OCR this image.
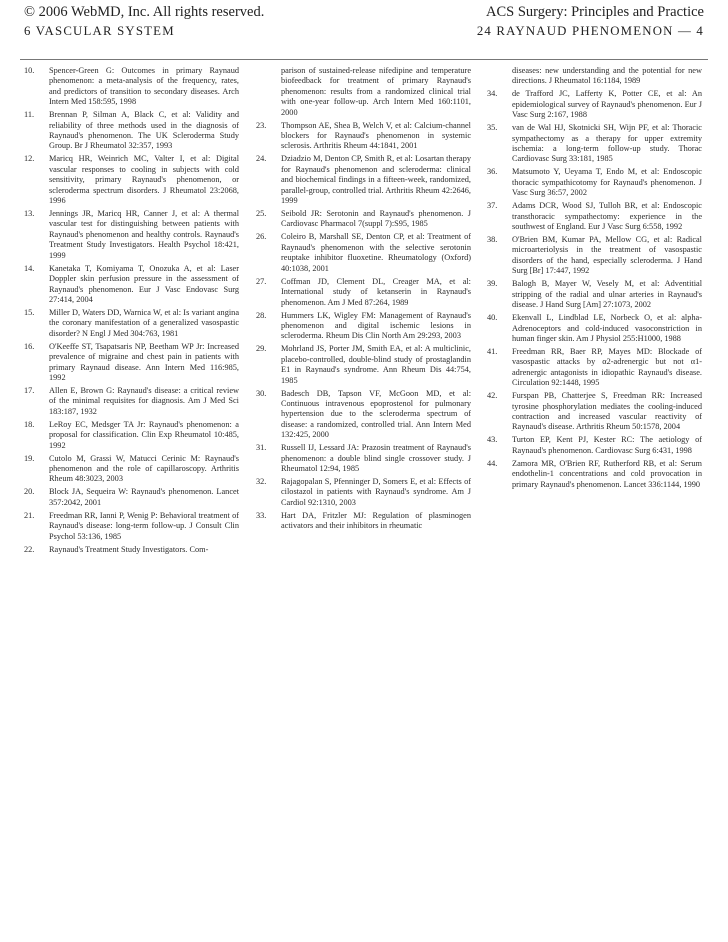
© 2006 WebMD, Inc. All rights reserved.	ACS Surgery: Principles and Practice
6 VASCULAR SYSTEM	24 RAYNAUD PHENOMENON — 4
10.	Spencer-Green G: Outcomes in primary Raynaud phenomenon: a meta-analysis of the frequency, rates, and predictors of transition to secondary diseases. Arch Intern Med 158:595, 1998
11.	Brennan P, Silman A, Black C, et al: Validity and reliability of three methods used in the diagnosis of Raynaud's phenomenon. The UK Scleroderma Study Group. Br J Rheumatol 32:357, 1993
12.	Maricq HR, Weinrich MC, Valter I, et al: Digital vascular responses to cooling in subjects with cold sensitivity, primary Raynaud's phenomenon, or scleroderma spectrum disorders. J Rheumatol 23:2068, 1996
13.	Jennings JR, Maricq HR, Canner J, et al: A thermal vascular test for distinguishing between patients with Raynaud's phenomenon and healthy controls. Raynaud's Treatment Study Investigators. Health Psychol 18:421, 1999
14.	Kanetaka T, Komiyama T, Onozuka A, et al: Laser Doppler skin perfusion pressure in the assessment of Raynaud's phenomenon. Eur J Vasc Endovasc Surg 27:414, 2004
15.	Miller D, Waters DD, Warnica W, et al: Is variant angina the coronary manifestation of a generalized vasospastic disorder? N Engl J Med 304:763, 1981
16.	O'Keeffe ST, Tsapatsaris NP, Beetham WP Jr: Increased prevalence of migraine and chest pain in patients with primary Raynaud disease. Ann Intern Med 116:985, 1992
17.	Allen E, Brown G: Raynaud's disease: a critical review of the minimal requisites for diagnosis. Am J Med Sci 183:187, 1932
18.	LeRoy EC, Medsger TA Jr: Raynaud's phenomenon: a proposal for classification. Clin Exp Rheumatol 10:485, 1992
19.	Cutolo M, Grassi W, Matucci Cerinic M: Raynaud's phenomenon and the role of capillaroscopy. Arthritis Rheum 48:3023, 2003
20.	Block JA, Sequeira W: Raynaud's phenomenon. Lancet 357:2042, 2001
21.	Freedman RR, Ianni P, Wenig P: Behavioral treatment of Raynaud's disease: long-term follow-up. J Consult Clin Psychol 53:136, 1985
22.	Raynaud's Treatment Study Investigators. Com-
parison of sustained-release nifedipine and temperature biofeedback for treatment of primary Raynaud's phenomenon: results from a randomized clinical trial with one-year follow-up. Arch Intern Med 160:1101, 2000
23.	Thompson AE, Shea B, Welch V, et al: Calcium-channel blockers for Raynaud's phenomenon in systemic sclerosis. Arthritis Rheum 44:1841, 2001
24.	Dziadzio M, Denton CP, Smith R, et al: Losartan therapy for Raynaud's phenomenon and scleroderma: clinical and biochemical findings in a fifteen-week, randomized, parallel-group, controlled trial. Arthritis Rheum 42:2646, 1999
25.	Seibold JR: Serotonin and Raynaud's phenomenon. J Cardiovasc Pharmacol 7(suppl 7):S95, 1985
26.	Coleiro B, Marshall SE, Denton CP, et al: Treatment of Raynaud's phenomenon with the selective serotonin reuptake inhibitor fluoxetine. Rheumatology (Oxford) 40:1038, 2001
27.	Coffman JD, Clement DL, Creager MA, et al: International study of ketanserin in Raynaud's phenomenon. Am J Med 87:264, 1989
28.	Hummers LK, Wigley FM: Management of Raynaud's phenomenon and digital ischemic lesions in scleroderma. Rheum Dis Clin North Am 29:293, 2003
29.	Mohrland JS, Porter JM, Smith EA, et al: A multiclinic, placebo-controlled, double-blind study of prostaglandin E1 in Raynaud's syndrome. Ann Rheum Dis 44:754, 1985
30.	Badesch DB, Tapson VF, McGoon MD, et al: Continuous intravenous epoprostenol for pulmonary hypertension due to the scleroderma spectrum of disease: a randomized, controlled trial. Ann Intern Med 132:425, 2000
31.	Russell IJ, Lessard JA: Prazosin treatment of Raynaud's phenomenon: a double blind single crossover study. J Rheumatol 12:94, 1985
32.	Rajagopalan S, Pfenninger D, Somers E, et al: Effects of cilostazol in patients with Raynaud's syndrome. Am J Cardiol 92:1310, 2003
33.	Hart DA, Fritzler MJ: Regulation of plasminogen activators and their inhibitors in rheumatic
diseases: new understanding and the potential for new directions. J Rheumatol 16:1184, 1989
34.	de Trafford JC, Lafferty K, Potter CE, et al: An epidemiological survey of Raynaud's phenomenon. Eur J Vasc Surg 2:167, 1988
35.	van de Wal HJ, Skotnicki SH, Wijn PF, et al: Thoracic sympathectomy as a therapy for upper extremity ischemia: a long-term follow-up study. Thorac Cardiovasc Surg 33:181, 1985
36.	Matsumoto Y, Ueyama T, Endo M, et al: Endoscopic thoracic sympathicotomy for Raynaud's phenomenon. J Vasc Surg 36:57, 2002
37.	Adams DCR, Wood SJ, Tulloh BR, et al: Endoscopic transthoracic sympathectomy: experience in the southwest of England. Eur J Vasc Surg 6:558, 1992
38.	O'Brien BM, Kumar PA, Mellow CG, et al: Radical microarteriolysis in the treatment of vasospastic disorders of the hand, especially scleroderma. J Hand Surg [Br] 17:447, 1992
39.	Balogh B, Mayer W, Vesely M, et al: Adventitial stripping of the radial and ulnar arteries in Raynaud's disease. J Hand Surg [Am] 27:1073, 2002
40.	Ekenvall L, Lindblad LE, Norbeck O, et al: alpha-Adrenoceptors and cold-induced vasoconstriction in human finger skin. Am J Physiol 255:H1000, 1988
41.	Freedman RR, Baer RP, Mayes MD: Blockade of vasospastic attacks by α2-adrenergic but not α1-adrenergic antagonists in idiopathic Raynaud's disease. Circulation 92:1448, 1995
42.	Furspan PB, Chatterjee S, Freedman RR: Increased tyrosine phosphorylation mediates the cooling-induced contraction and increased vascular reactivity of Raynaud's disease. Arthritis Rheum 50:1578, 2004
43.	Turton EP, Kent PJ, Kester RC: The aetiology of Raynaud's phenomenon. Cardiovasc Surg 6:431, 1998
44.	Zamora MR, O'Brien RF, Rutherford RB, et al: Serum endothelin-1 concentrations and cold provocation in primary Raynaud's phenomenon. Lancet 336:1144, 1990
